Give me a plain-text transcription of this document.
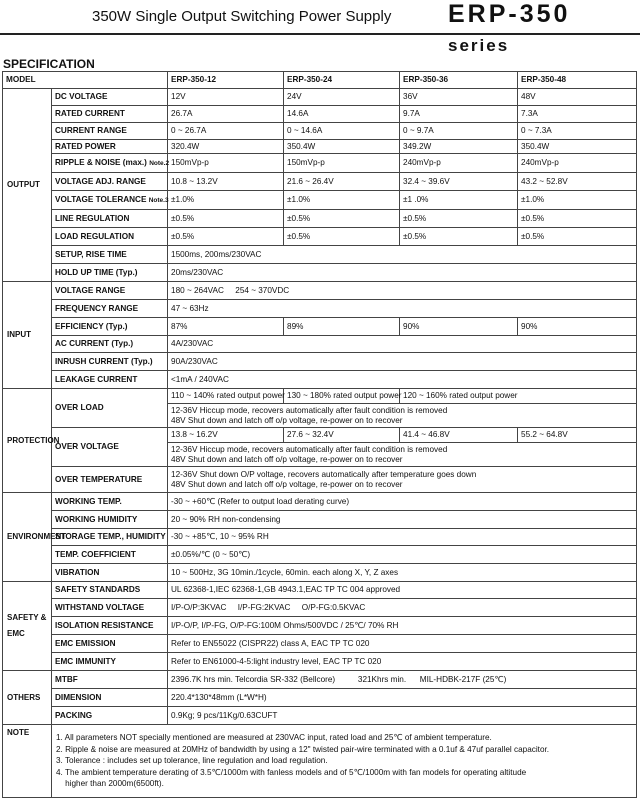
350W Single Output Switching Power Supply ERP-350 series
SPECIFICATION
MODEL		ERP-350-12	ERP-350-24	ERP-350-36	ERP-350-48
OUTPUT	DC VOLTAGE	12V	24V	36V	48V
	RATED CURRENT	26.7A	14.6A	9.7A	7.3A
	CURRENT RANGE	0 ~ 26.7A	0 ~ 14.6A	0 ~ 9.7A	0 ~ 7.3A
	RATED POWER	320.4W	350.4W	349.2W	350.4W
	RIPPLE & NOISE (max.) Note.2	150mVp-p	150mVp-p	240mVp-p	240mVp-p
	VOLTAGE ADJ. RANGE	10.8 ~ 13.2V	21.6 ~ 26.4V	32.4 ~ 39.6V	43.2 ~ 52.8V
	VOLTAGE TOLERANCE Note.3	±1.0%	±1.0%	±1 .0%	±1.0%
	LINE REGULATION	±0.5%	±0.5%	±0.5%	±0.5%
	LOAD REGULATION	±0.5%	±0.5%	±0.5%	±0.5%
	SETUP, RISE TIME	1500ms, 200ms/230VAC			
	HOLD UP TIME (Typ.)	20ms/230VAC			
INPUT	VOLTAGE RANGE	180 ~ 264VAC     254 ~ 370VDC			
	FREQUENCY RANGE	47 ~ 63Hz			
	EFFICIENCY (Typ.)	87%	89%	90%	90%
	AC CURRENT (Typ.)	4A/230VAC			
	INRUSH CURRENT (Typ.)	90A/230VAC			
	LEAKAGE CURRENT	<1mA / 240VAC			
PROTECTION	OVER LOAD	110 ~ 140% rated output power	130 ~ 180% rated output power	120 ~ 160% rated output power	

		12-36V Hiccup mode, recovers automatically after fault condition is removed
48V Shut down and latch off o/p voltage, re-power on to recover			

	OVER VOLTAGE	13.8 ~ 16.2V	27.6 ~ 32.4V	41.4 ~ 46.8V	55.2 ~ 64.8V

		12-36V Hiccup mode, recovers automatically after fault condition is removed
48V Shut down and latch off o/p voltage, re-power on to recover			

	OVER TEMPERATURE	12-36V Shut down O/P voltage, recovers automatically after temperature goes down
48V Shut down and latch off o/p voltage, re-power on to recover			

ENVIRONMENT	WORKING TEMP.	-30 ~ +60℃ (Refer to output load derating curve)			
	WORKING HUMIDITY	20 ~ 90% RH non-condensing			
	STORAGE TEMP., HUMIDITY	-30 ~ +85℃, 10 ~ 95% RH			
	TEMP. COEFFICIENT	±0.05%/℃ (0 ~ 50℃)			
	VIBRATION	10 ~ 500Hz, 3G 10min./1cycle, 60min. each along X, Y, Z axes			

SAFETY &
EMC	SAFETY STANDARDS	UL 62368-1,IEC 62368-1,GB 4943.1,EAC TP TC 004 approved			
	WITHSTAND VOLTAGE	I/P-O/P:3KVAC     I/P-FG:2KVAC     O/P-FG:0.5KVAC			
	ISOLATION RESISTANCE	I/P-O/P, I/P-FG, O/P-FG:100M Ohms/500VDC / 25℃/ 70% RH			
	EMC EMISSION	Refer to EN55022 (CISPR22) class A, EAC TP TC 020			
	EMC IMMUNITY	Refer to EN61000-4-5:light industry level, EAC TP TC 020			
OTHERS	MTBF	2396.7K hrs min. Telcordia SR-332 (Bellcore)          321Khrs min.      MIL-HDBK-217F (25℃)			
	DIMENSION	220.4*130*48mm (L*W*H)			
	PACKING	0.9Kg; 9 pcs/11Kg/0.63CUFT			
NOTE	1. All parameters NOT specially mentioned are measured at 230VAC input, rated load and 25℃ of ambient temperature.
2. Ripple & noise are measured at 20MHz of bandwidth by using a 12" twisted pair-wire terminated with a 0.1uf & 47uf parallel capacitor.
3. Tolerance : includes set up tolerance, line regulation and load regulation.
4. The ambient temperature derating of 3.5℃/1000m with fanless models and of 5℃/1000m with fan models for operating altitude
higher than 2000m(6500ft).				
